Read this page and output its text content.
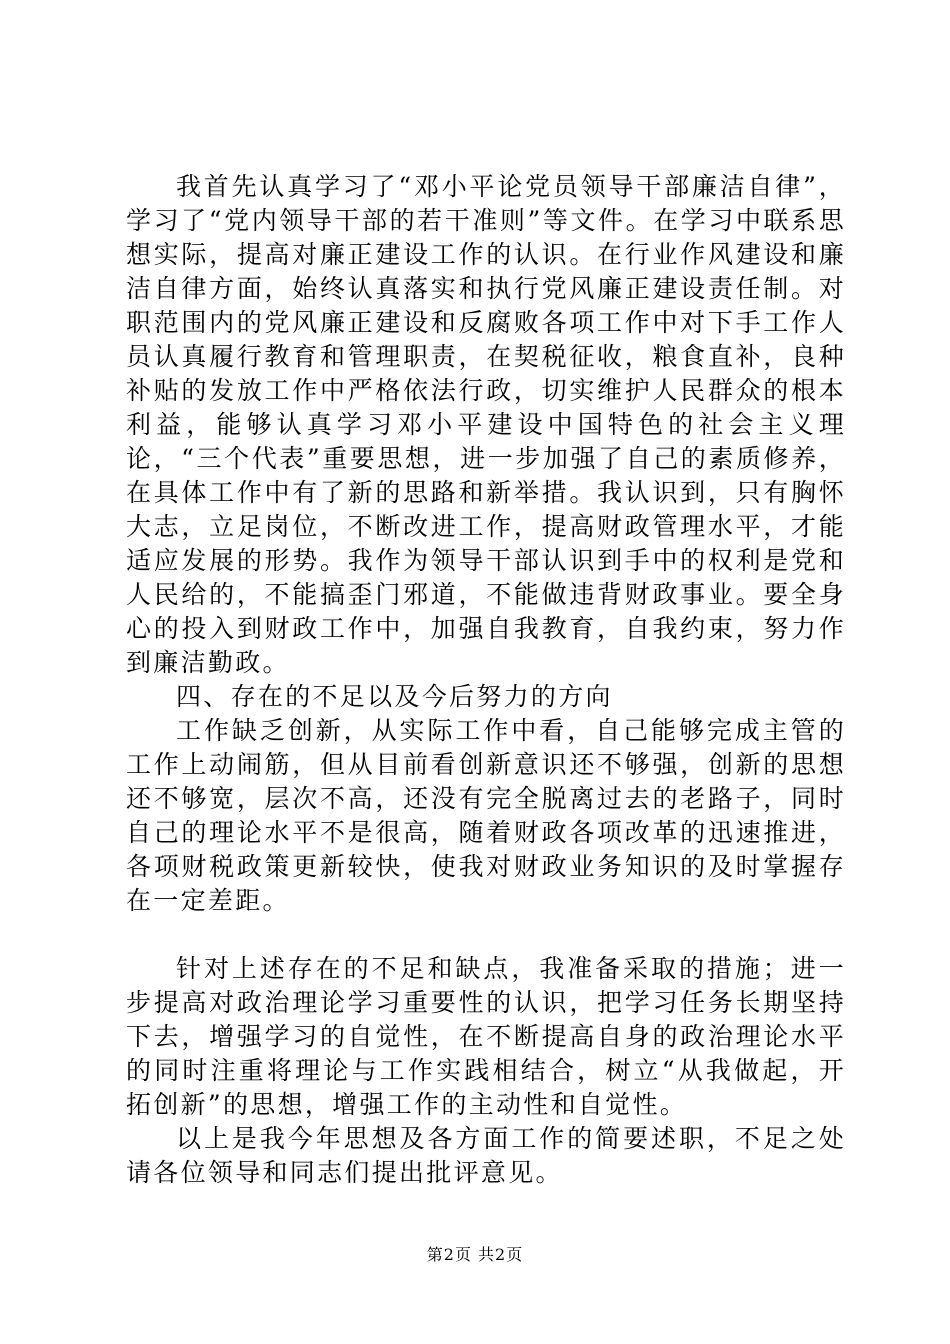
我首先认真学习了“邓小平论党员领导干部廉洁自律”，学习了“党内领导干部的若干准则”等文件。在学习中联系思想实际，提高对廉正建设工作的认识。在行业作风建设和廉洁自律方面，始终认真落实和执行党风廉正建设责任制。对职范围内的党风廉正建设和反腐败各项工作中对下手工作人员认真履行教育和管理职责，在契税征收，粮食直补，良种补贴的发放工作中严格依法行政，切实维护人民群众的根本利益，能够认真学习邓小平建设中国特色的社会主义理论，“三个代表”重要思想，进一步加强了自己的素质修养，在具体工作中有了新的思路和新举措。我认识到，只有胸怀大志，立足岗位，不断改进工作，提高财政管理水平，才能适应发展的形势。我作为领导干部认识到手中的权利是党和人民给的，不能搞歪门邪道，不能做违背财政事业。要全身心的投入到财政工作中，加强自我教育，自我约束，努力作到廉洁勤政。

四、存在的不足以及今后努力的方向

工作缺乏创新，从实际工作中看，自己能够完成主管的工作上动闹筋，但从目前看创新意识还不够强，创新的思想还不够宽，层次不高，还没有完全脱离过去的老路子，同时自己的理论水平不是很高，随着财政各项改革的迅速推进，各项财税政策更新较快，使我对财政业务知识的及时掌握存在一定差距。

针对上述存在的不足和缺点，我准备采取的措施；进一步提高对政治理论学习重要性的认识，把学习任务长期坚持下去，增强学习的自觉性，在不断提高自身的政治理论水平的同时注重将理论与工作实践相结合，树立“从我做起，开拓创新”的思想，增强工作的主动性和自觉性。

以上是我今年思想及各方面工作的简要述职，不足之处请各位领导和同志们提出批评意见。

第2页 共2页
